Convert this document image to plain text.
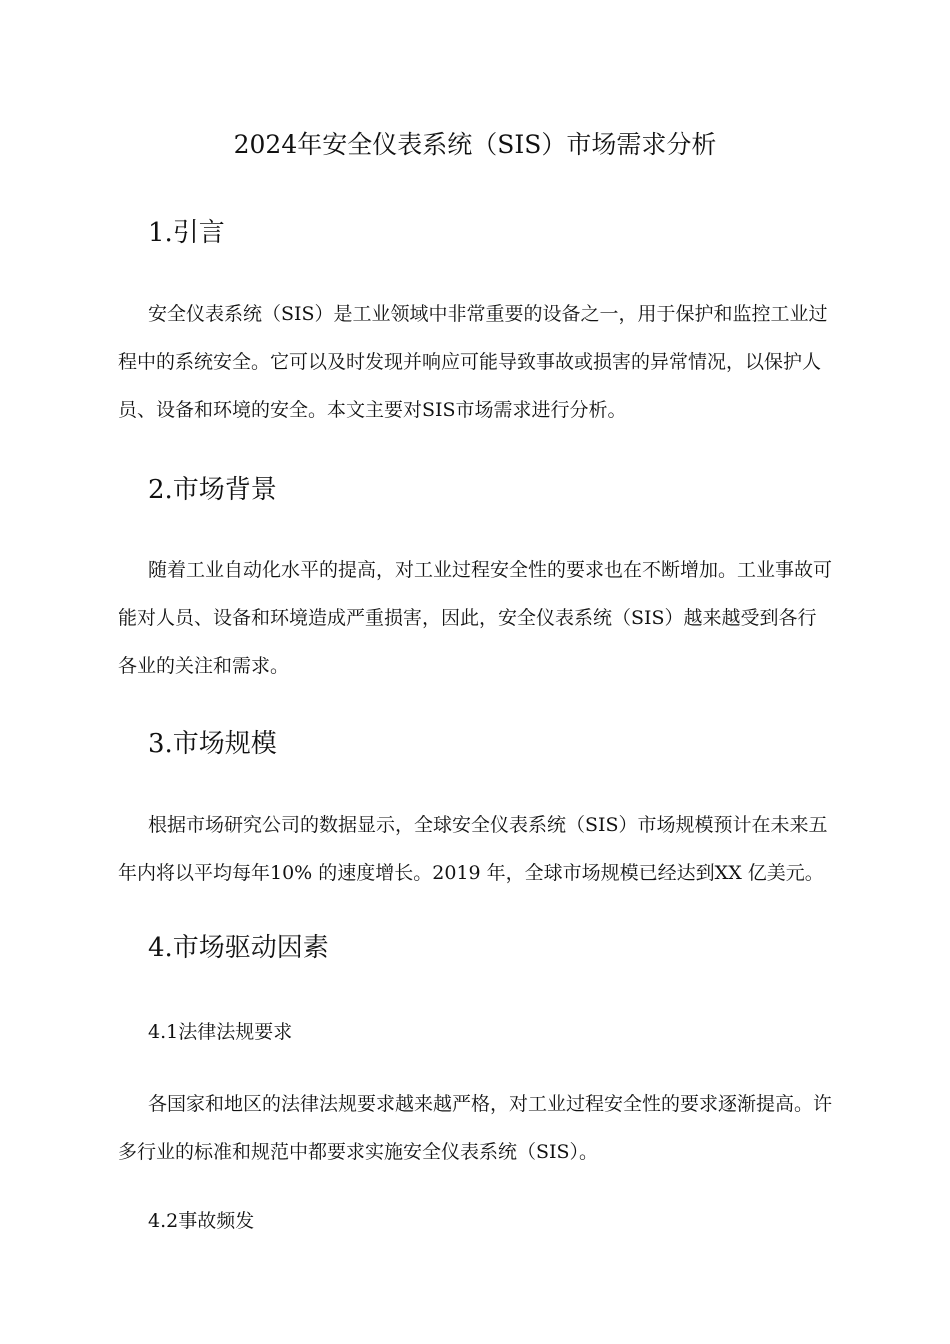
2024年安全仪表系统（SIS）市场需求分析
1.引言

安全仪表系统（SIS）是工业领域中非常重要的设备之一，用于保护和监控工业过程中的系统安全。它可以及时发现并响应可能导致事故或损害的异常情况，以保护人员、设备和环境的安全。本文主要对SIS市场需求进行分析。

2.市场背景

随着工业自动化水平的提高，对工业过程安全性的要求也在不断增加。工业事故可能对人员、设备和环境造成严重损害，因此，安全仪表系统（SIS）越来越受到各行各业的关注和需求。

3.市场规模

根据市场研究公司的数据显示，全球安全仪表系统（SIS）市场规模预计在未来五年内将以平均每年10% 的速度增长。2019 年，全球市场规模已经达到XX 亿美元。

4.市场驱动因素
4.1法律法规要求

各国家和地区的法律法规要求越来越严格，对工业过程安全性的要求逐渐提高。许多行业的标准和规范中都要求实施安全仪表系统（SIS）。

4.2事故频发
